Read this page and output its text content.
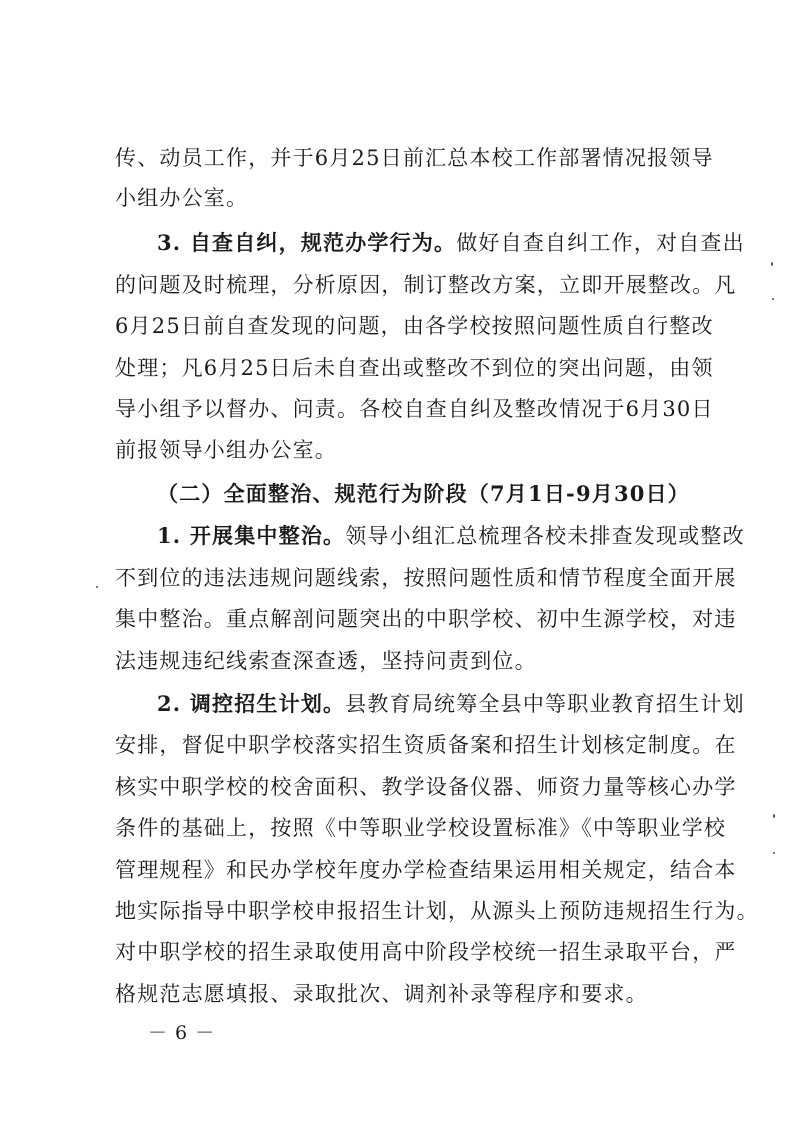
传、动员工作，并于6月25日前汇总本校工作部署情况报领导
小组办公室。
3. 自查自纠，规范办学行为。做好自查自纠工作，对自查出
的问题及时梳理，分析原因，制订整改方案，立即开展整改。凡
6月25日前自查发现的问题，由各学校按照问题性质自行整改
处理；凡6月25日后未自查出或整改不到位的突出问题，由领
导小组予以督办、问责。各校自查自纠及整改情况于6月30日
前报领导小组办公室。
（二）全面整治、规范行为阶段（7月1日-9月30日）
1. 开展集中整治。领导小组汇总梳理各校未排查发现或整改
不到位的违法违规问题线索，按照问题性质和情节程度全面开展
集中整治。重点解剖问题突出的中职学校、初中生源学校，对违
法违规违纪线索查深查透，坚持问责到位。
2. 调控招生计划。县教育局统筹全县中等职业教育招生计划
安排，督促中职学校落实招生资质备案和招生计划核定制度。在
核实中职学校的校舍面积、教学设备仪器、师资力量等核心办学
条件的基础上，按照《中等职业学校设置标准》《中等职业学校
管理规程》和民办学校年度办学检查结果运用相关规定，结合本
地实际指导中职学校申报招生计划，从源头上预防违规招生行为。
对中职学校的招生录取使用高中阶段学校统一招生录取平台，严
格规范志愿填报、录取批次、调剂补录等程序和要求。
－6－
